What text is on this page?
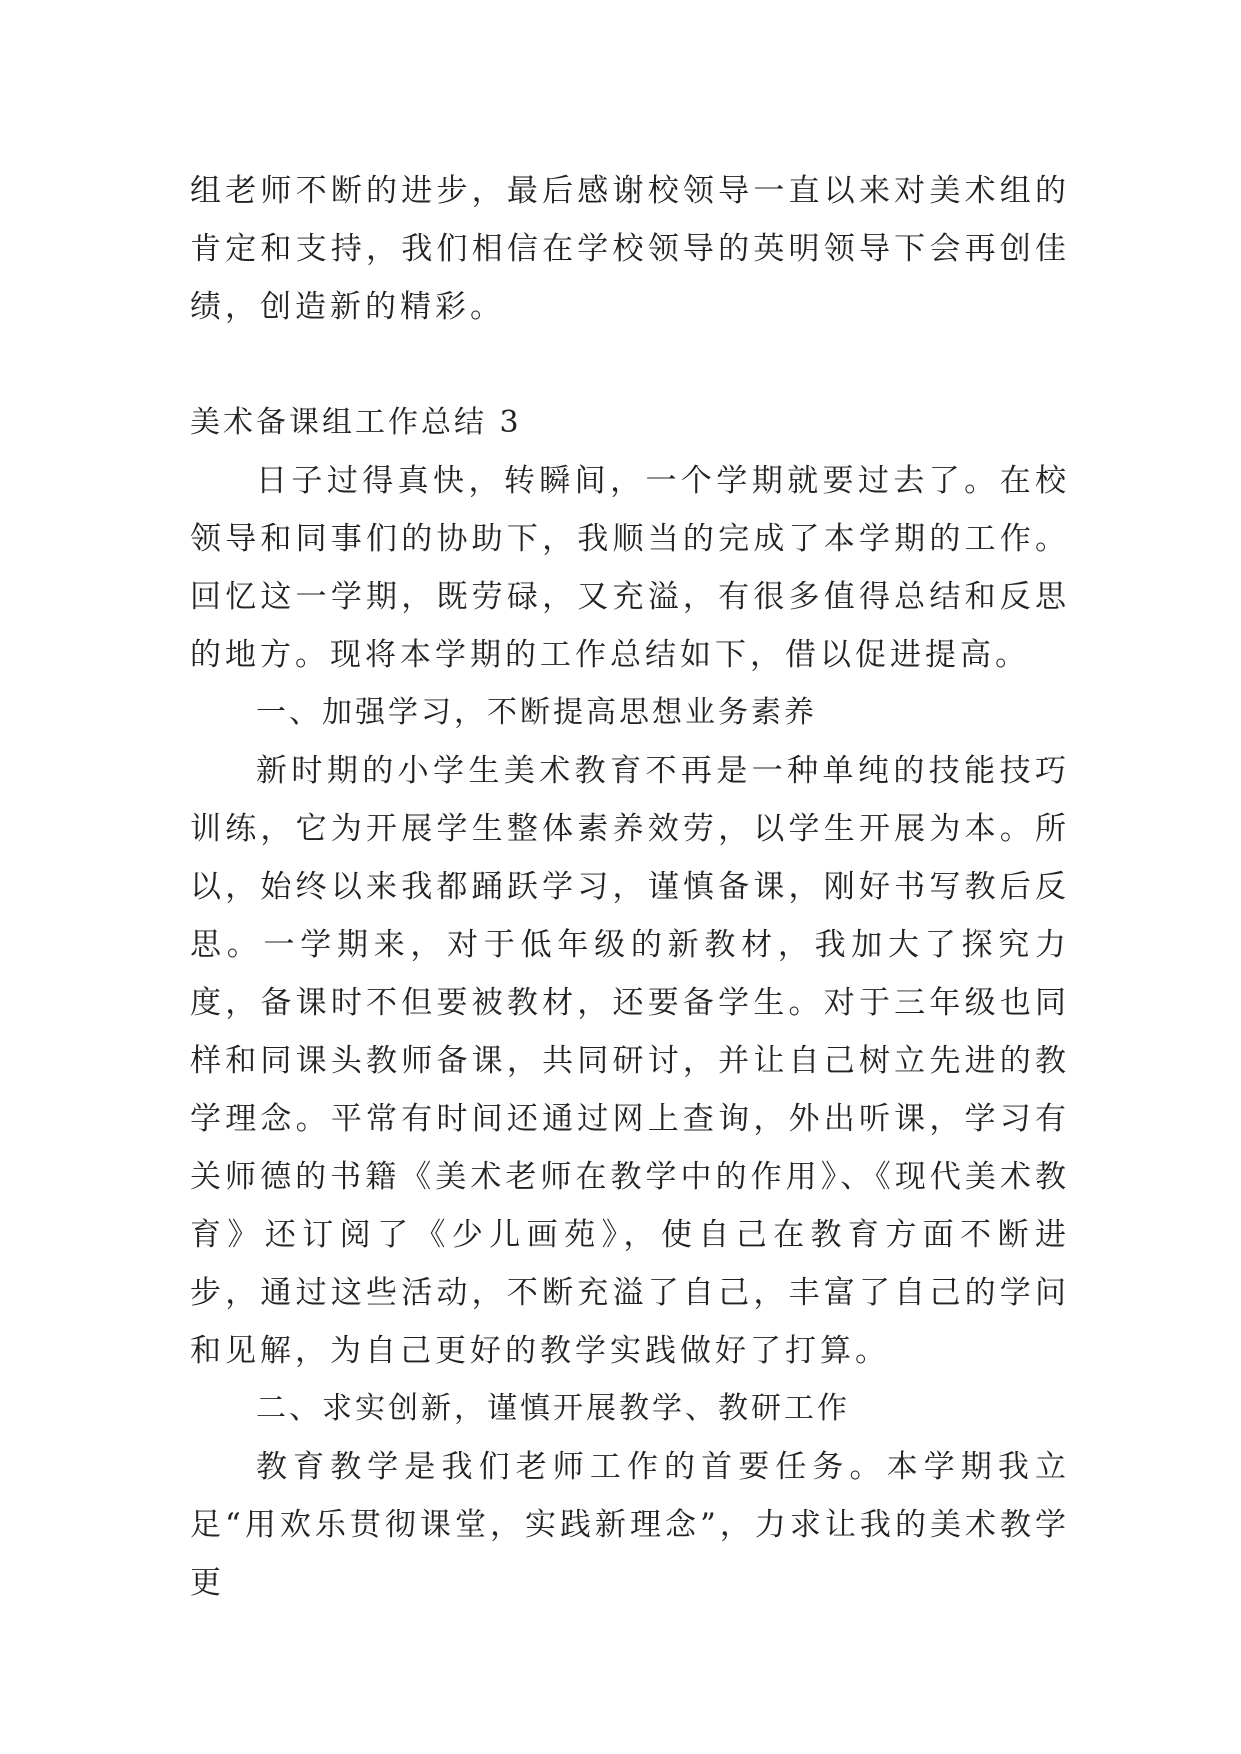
组老师不断的进步，最后感谢校领导一直以来对美术组的肯定和支持，我们相信在学校领导的英明领导下会再创佳绩，创造新的精彩。

美术备课组工作总结 3

日子过得真快，转瞬间，一个学期就要过去了。在校领导和同事们的协助下，我顺当的完成了本学期的工作。回忆这一学期，既劳碌，又充溢，有很多值得总结和反思的地方。现将本学期的工作总结如下，借以促进提高。

一、加强学习，不断提高思想业务素养

新时期的小学生美术教育不再是一种单纯的技能技巧训练，它为开展学生整体素养效劳，以学生开展为本。所以，始终以来我都踊跃学习，谨慎备课，刚好书写教后反思。一学期来，对于低年级的新教材，我加大了探究力度，备课时不但要被教材，还要备学生。对于三年级也同样和同课头教师备课，共同研讨，并让自己树立先进的教学理念。平常有时间还通过网上查询，外出听课，学习有关师德的书籍《美术老师在教学中的作用》、《现代美术教育》还订阅了《少儿画苑》，使自己在教育方面不断进步，通过这些活动，不断充溢了自己，丰富了自己的学问和见解，为自己更好的教学实践做好了打算。

二、求实创新，谨慎开展教学、教研工作

教育教学是我们老师工作的首要任务。本学期我立足“用欢乐贯彻课堂，实践新理念”，力求让我的美术教学更
